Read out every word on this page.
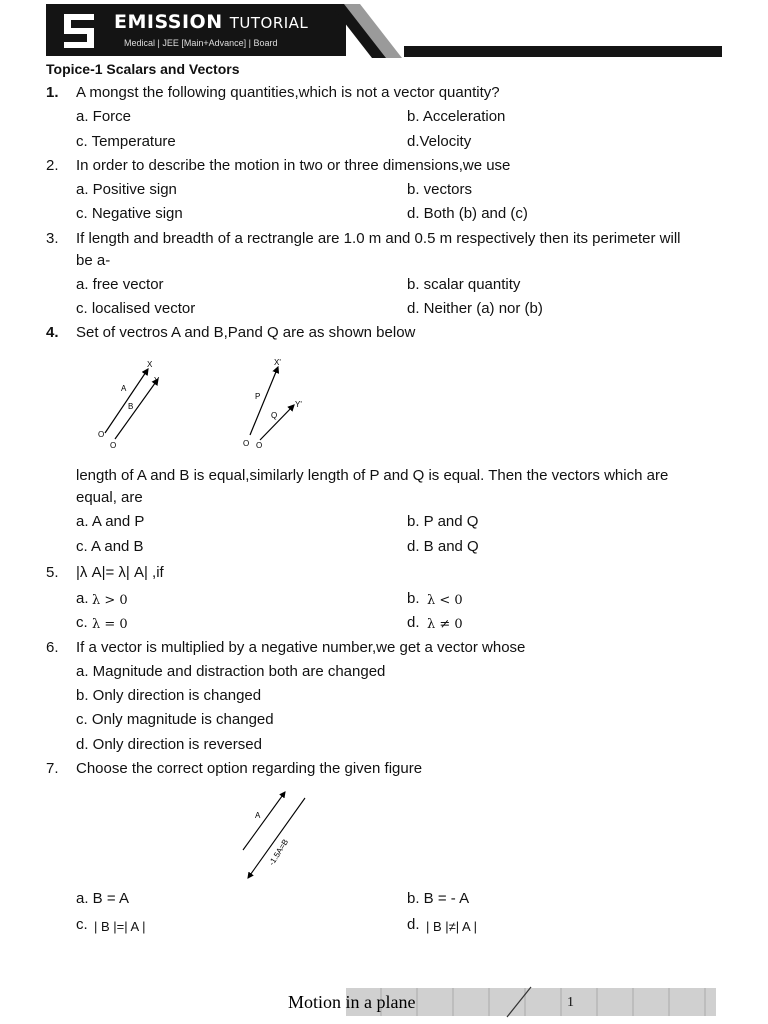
EMISSION TUTORIAL
Medical | JEE [Main+Advance] | Board
Topice-1 Scalars and Vectors
1. A mongst the following quantities,which is not a vector quantity?
a. Force	b. Acceleration
c. Temperature	d.Velocity
2. In order to describe the motion in two or three dimensions,we use
a. Positive sign	b. vectors
c. Negative sign	d. Both (b) and (c)
3. If length and breadth of a rectrangle are 1.0 m and 0.5 m respectively then its perimeter will
be a-
a. free vector	b. scalar quantity
c. localised vector	d. Neither (a) nor (b)
4. Set of vectros A and B,Pand Q are as shown below
X
Y
A
B
O
O
X'
Y'
P
Q
O O
length of A and B is equal,similarly length of P and Q is equal. Then the vectors which are
equal, are
a. A and P	b. P and Q
c. A and B	d. B and Q
5. |λ A|= λ| A| ,if
a. λ > 0	b. λ < 0
c. λ = 0	d. λ ≠ 0
6. If a vector is multiplied by a negative number,we get a vector whose
a. Magnitude and distraction both are changed
b. Only direction is changed
c. Only magnitude is changed
d. Only direction is reversed
7. Choose the correct option regarding the given figure
A
-1.5A=B
a. B = A	b. B = - A
c. | B |=| A |	d. | B |≠| A |
Motion in a plane	1
